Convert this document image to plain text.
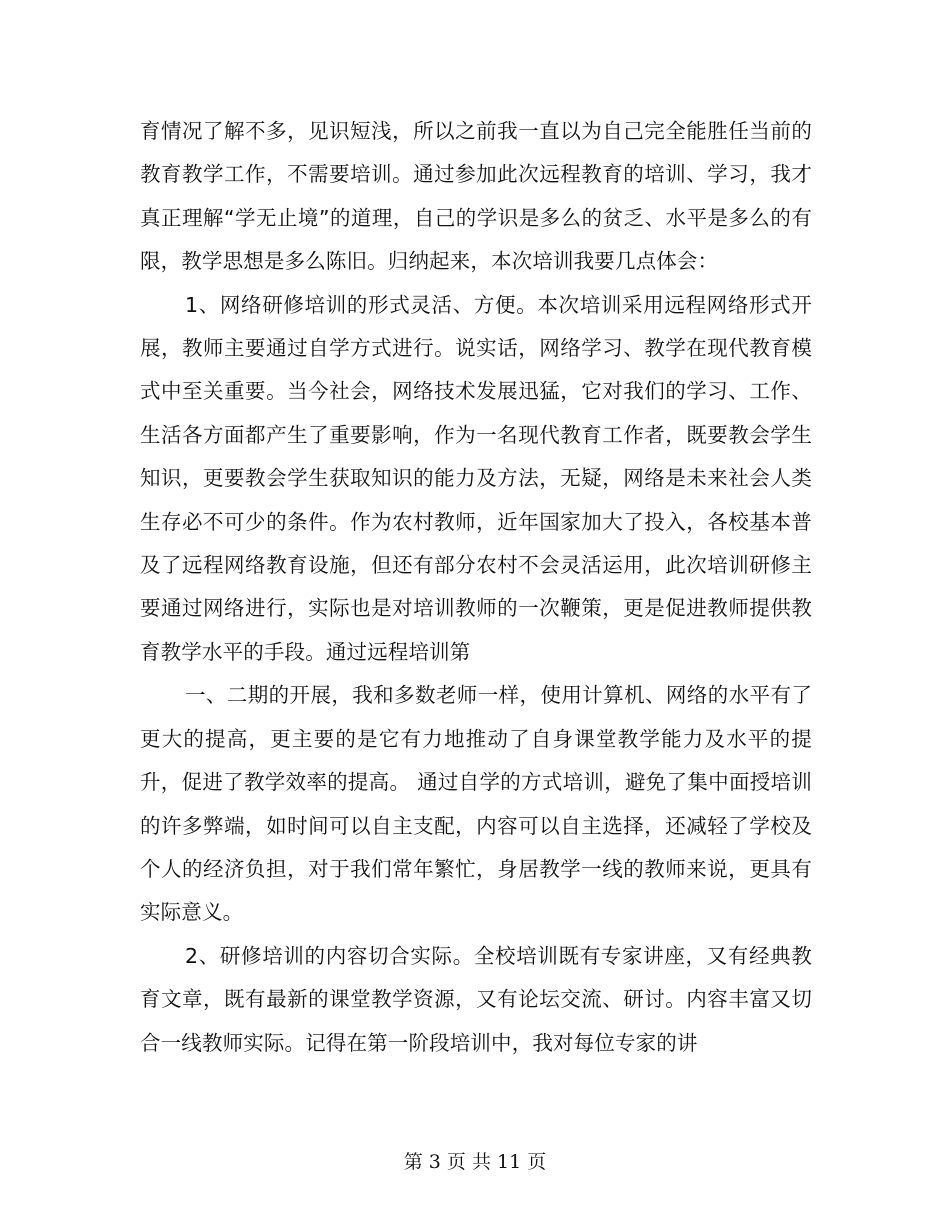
育情况了解不多，见识短浅，所以之前我一直以为自己完全能胜任当前的教育教学工作，不需要培训。通过参加此次远程教育的培训、学习，我才真正理解“学无止境”的道理，自己的学识是多么的贫乏、水平是多么的有限，教学思想是多么陈旧。归纳起来，本次培训我要几点体会：

1、网络研修培训的形式灵活、方便。本次培训采用远程网络形式开展，教师主要通过自学方式进行。说实话，网络学习、教学在现代教育模式中至关重要。当今社会，网络技术发展迅猛，它对我们的学习、工作、生活各方面都产生了重要影响，作为一名现代教育工作者，既要教会学生知识，更要教会学生获取知识的能力及方法，无疑，网络是未来社会人类生存必不可少的条件。作为农村教师，近年国家加大了投入，各校基本普及了远程网络教育设施，但还有部分农村不会灵活运用，此次培训研修主要通过网络进行，实际也是对培训教师的一次鞭策，更是促进教师提供教育教学水平的手段。通过远程培训第

一、二期的开展，我和多数老师一样，使用计算机、网络的水平有了更大的提高，更主要的是它有力地推动了自身课堂教学能力及水平的提升，促进了教学效率的提高。 通过自学的方式培训，避免了集中面授培训的许多弊端，如时间可以自主支配，内容可以自主选择，还减轻了学校及个人的经济负担，对于我们常年繁忙，身居教学一线的教师来说，更具有实际意义。

2、研修培训的内容切合实际。全校培训既有专家讲座，又有经典教育文章，既有最新的课堂教学资源，又有论坛交流、研讨。内容丰富又切合一线教师实际。记得在第一阶段培训中，我对每位专家的讲

第 3 页 共 11 页
